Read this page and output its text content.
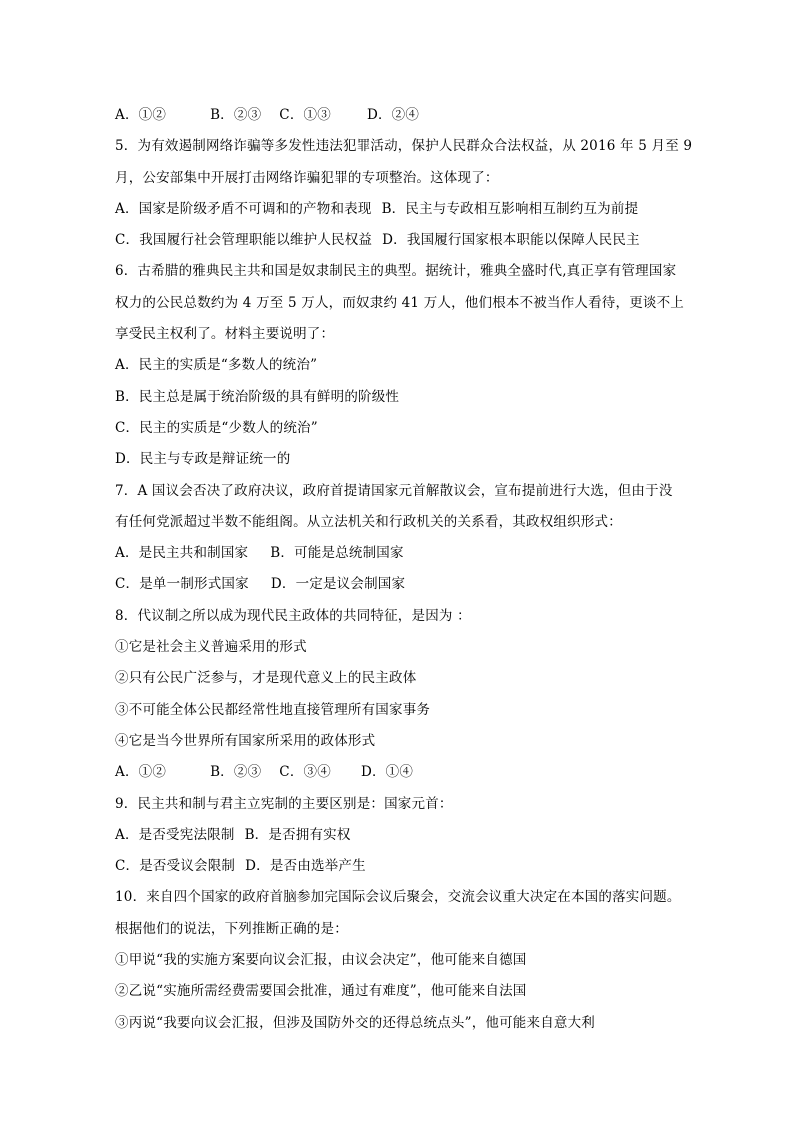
A．①②	B．②③ C．①③	D．②④
5．为有效遏制网络诈骗等多发性违法犯罪活动，保护人民群众合法权益，从 2016 年 5 月至 9
月，公安部集中开展打击网络诈骗犯罪的专项整治。这体现了：
A．国家是阶级矛盾不可调和的产物和表现 B．民主与专政相互影响相互制约互为前提
C．我国履行社会管理职能以维护人民权益 D．我国履行国家根本职能以保障人民民主
6．古希腊的雅典民主共和国是奴隶制民主的典型。据统计，雅典全盛时代,真正享有管理国家
权力的公民总数约为 4 万至 5 万人，而奴隶约 41 万人，他们根本不被当作人看待，更谈不上
享受民主权利了。材料主要说明了：
A．民主的实质是“多数人的统治”
B．民主总是属于统治阶级的具有鲜明的阶级性
C．民主的实质是“少数人的统治”
D．民主与专政是辩证统一的
7．A 国议会否决了政府决议，政府首提请国家元首解散议会，宣布提前进行大选，但由于没
有任何党派超过半数不能组阁。从立法机关和行政机关的关系看，其政权组织形式：
A．是民主共和制国家 B．可能是总统制国家
C．是单一制形式国家 D．一定是议会制国家
8．代议制之所以成为现代民主政体的共同特征，是因为 ：
①它是社会主义普遍采用的形式
②只有公民广泛参与，才是现代意义上的民主政体
③不可能全体公民都经常性地直接管理所有国家事务
④它是当今世界所有国家所采用的政体形式
A．①②	B．②③ C．③④ D．①④
9．民主共和制与君主立宪制的主要区别是：国家元首：
A．是否受宪法限制 B．是否拥有实权
C．是否受议会限制 D．是否由选举产生
10．来自四个国家的政府首脑参加完国际会议后聚会，交流会议重大决定在本国的落实问题。
根据他们的说法，下列推断正确的是：
①甲说“我的实施方案要向议会汇报，由议会决定”，他可能来自德国
②乙说“实施所需经费需要国会批准，通过有难度”，他可能来自法国
③丙说“我要向议会汇报，但涉及国防外交的还得总统点头”，他可能来自意大利
